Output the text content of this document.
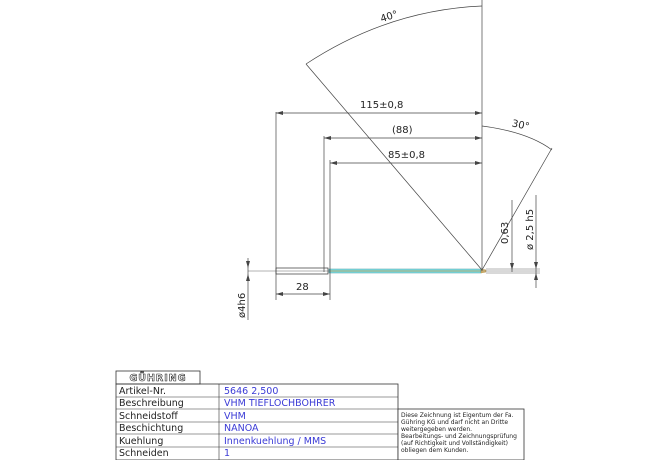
40°
30°
115±0,8
(88)
85±0,8
28
ø4h6
ø 2,5 h5
0,63
GÜHRING
Artikel-Nr.	5646 2,500
Beschreibung	VHM TIEFLOCHBOHRER
Schneidstoff	VHM
Beschichtung	NANOA
Kuehlung	Innenkuehlung / MMS
Schneiden	1
Diese Zeichnung ist Eigentum der Fa.
Gühring KG und darf nicht an Dritte
weitergegeben werden.
Bearbeitungs- und Zeichnungsprüfung
(auf Richtigkeit und Vollständigkeit)
obliegen dem Kunden.
